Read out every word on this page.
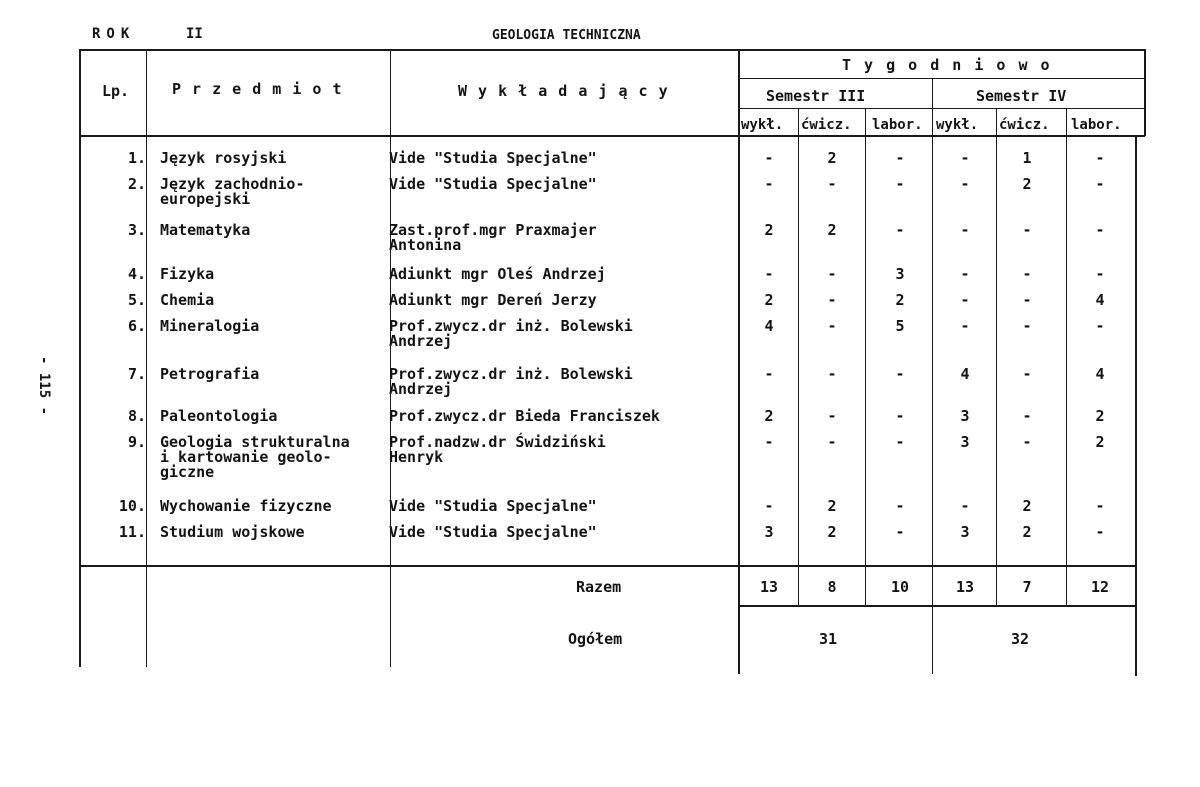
ROK	II	GEOLOGIA TECHNICZNA
- 115 -
Lp.	P r z e d m i o t	W y k ł a d a j ą c y
T y g o d n i o w o
Semestr III	Semestr IV
wykł. ćwicz. labor. wykł. ćwicz. labor.
1. Język rosyjski	Vide "Studia Specjalne"	-	2	-	-	1	-
2. Język zachodnio-
europejski
Vide "Studia Specjalne"	-	-	-	-	2	-
3. Matematyka	Zast.prof.mgr Praxmajer
Antonina
2	2	-	-	-	-
4. Fizyka	Adiunkt mgr Oleś Andrzej	-	-	3	-	-	-
5. Chemia	Adiunkt mgr Dereń Jerzy	2	-	2	-	-	4
6. Mineralogia	Prof.zwycz.dr inż. Bolewski
Andrzej
4	-	5	-	-	-
7. Petrografia	Prof.zwycz.dr inż. Bolewski
Andrzej
-	-	-	4	-	4
8. Paleontologia	Prof.zwycz.dr Bieda Franciszek	2	-	-	3	-	2
9. Geologia strukturalna
i kartowanie geolo-
giczne
Prof.nadzw.dr Świdziński
Henryk
-	-	-	3	-	2
10. Wychowanie fizyczne	Vide "Studia Specjalne"	-	2	-	-	2	-
11. Studium wojskowe	Vide "Studia Specjalne"	3	2	-	3	2	-
Razem	13	8	10	13	7	12
Ogółem	31	32
